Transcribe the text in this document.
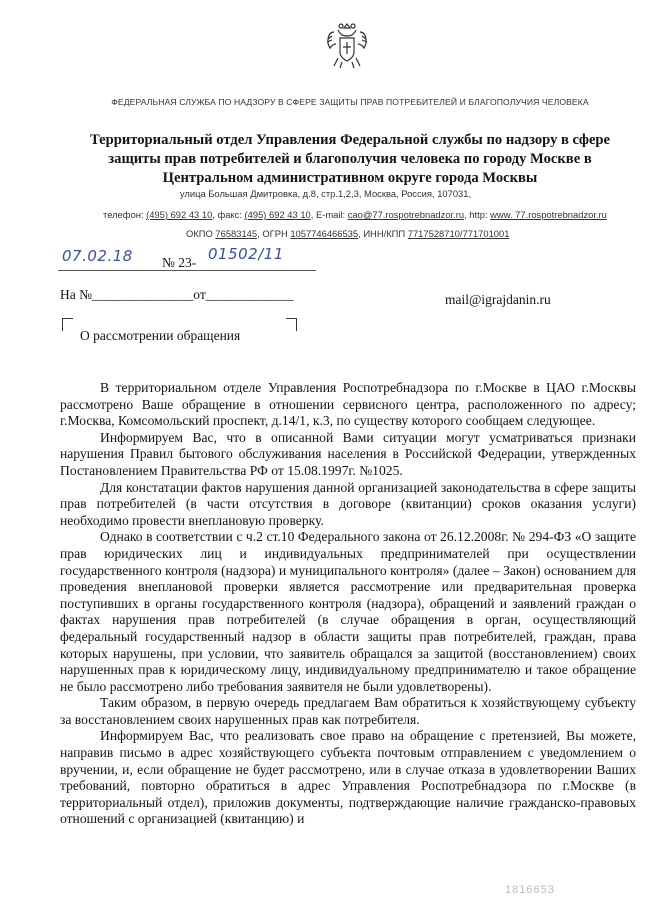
ФЕДЕРАЛЬНАЯ СЛУЖБА ПО НАДЗОРУ В СФЕРЕ ЗАЩИТЫ ПРАВ ПОТРЕБИТЕЛЕЙ И БЛАГОПОЛУЧИЯ ЧЕЛОВЕКА
Территориальный отдел Управления Федеральной службы по надзору в сфере
защиты прав потребителей и благополучия человека по городу Москве в
Центральном административном округе города Москвы
улица Большая Дмитровка, д.8, стр.1,2,3, Москва, Россия, 107031,
телефон: (495) 692 43 10, факс: (495) 692 43 10, E-mail: cao@77.rospotrebnadzor.ru, http: www. 77.rospotrebnadzor.ru
ОКПО 76583145, ОГРН 1057746466535, ИНН/КПП 7717528710/771701001
07.02.18 № 23- 01502/11
На №_______________от_____________	mail@igrajdanin.ru
О рассмотрении обращения

В территориальном отделе Управления Роспотребнадзора по г.Москве в ЦАО г.Москвы рассмотрено Ваше обращение в отношении сервисного центра, расположенного по адресу; г.Москва, Комсомольский проспект, д.14/1, к.3, по существу которого сообщаем следующее.

Информируем Вас, что в описанной Вами ситуации могут усматриваться признаки нарушения Правил бытового обслуживания населения в Российской Федерации, утвержденных Постановлением Правительства РФ от 15.08.1997г. №1025.

Для констатации фактов нарушения данной организацией законодательства в сфере защиты прав потребителей (в части отсутствия в договоре (квитанции) сроков оказания услуги) необходимо провести внеплановую проверку.

Однако в соответствии с ч.2 ст.10 Федерального закона от 26.12.2008г. № 294-ФЗ «О защите прав юридических лиц и индивидуальных предпринимателей при осуществлении государственного контроля (надзора) и муниципального контроля» (далее – Закон) основанием для проведения внеплановой проверки является рассмотрение или предварительная проверка поступивших в органы государственного контроля (надзора), обращений и заявлений граждан о фактах нарушения прав потребителей (в случае обращения в орган, осуществляющий федеральный государственный надзор в области защиты прав потребителей, граждан, права которых нарушены, при условии, что заявитель обращался за защитой (восстановлением) своих нарушенных прав к юридическому лицу, индивидуальному предпринимателю и такое обращение не было рассмотрено либо требования заявителя не были удовлетворены).

Таким образом, в первую очередь предлагаем Вам обратиться к хозяйствующему субъекту за восстановлением своих нарушенных прав как потребителя.

Информируем Вас, что реализовать свое право на обращение с претензией, Вы можете, направив письмо в адрес хозяйствующего субъекта почтовым отправлением с уведомлением о вручении, и, если обращение не будет рассмотрено, или в случае отказа в удовлетворении Ваших требований, повторно обратиться в адрес Управления Роспотребнадзора по г.Москве (в территориальный отдел), приложив документы, подтверждающие наличие гражданско-правовых отношений с организацией (квитанцию) и

1816653
